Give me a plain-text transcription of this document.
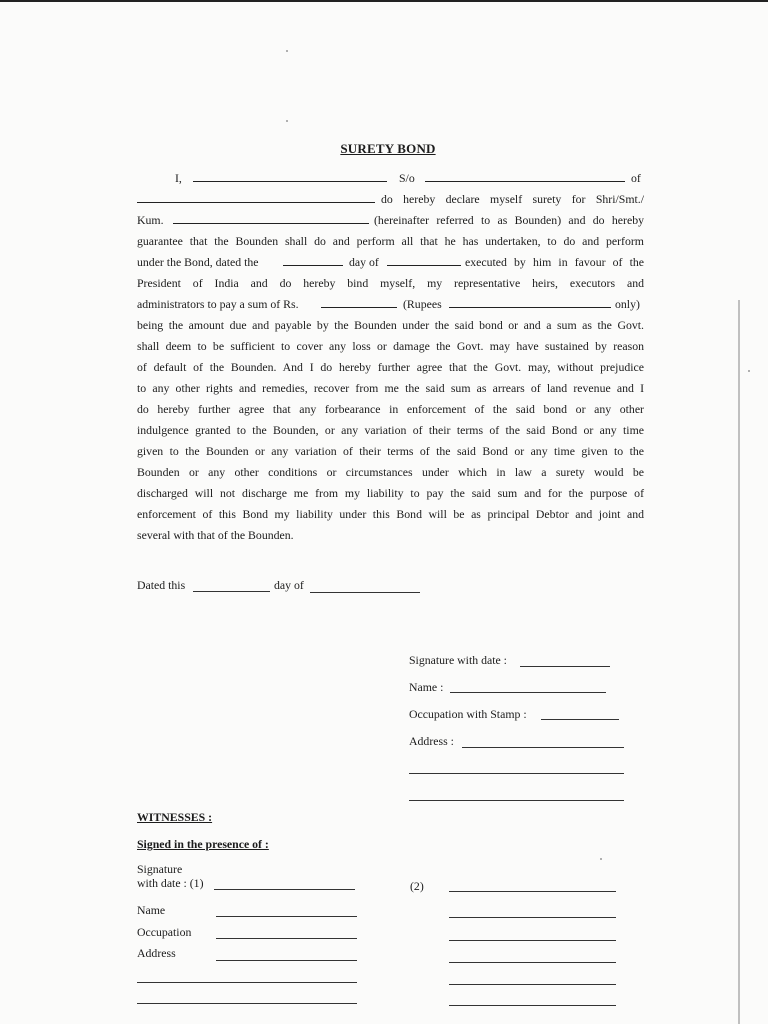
SURETY BOND
I,	S/o	of
do hereby declare myself surety for Shri/Smt./
Kum.	(hereinafter referred to as Bounden) and do hereby
guarantee that the Bounden shall do and perform all that he has undertaken, to do and perform
under the Bond, dated the	day of	executed by him in favour of the
President of India and do hereby bind myself, my representative heirs, executors and
administrators to pay a sum of Rs.	(Rupees	only)
being the amount due and payable by the Bounden under the said bond or and a sum as the Govt.
shall deem to be sufficient to cover any loss or damage the Govt. may have sustained by reason
of default of the Bounden. And I do hereby further agree that the Govt. may, without prejudice
to any other rights and remedies, recover from me the said sum as arrears of land revenue and I
do hereby further agree that any forbearance in enforcement of the said bond or any other
indulgence granted to the Bounden, or any variation of their terms of the said Bond or any time
given to the Bounden or any variation of their terms of the said Bond or any time given to the
Bounden or any other conditions or circumstances under which in law a surety would be
discharged will not discharge me from my liability to pay the said sum and for the purpose of
enforcement of this Bond my liability under this Bond will be as principal Debtor and joint and
several with that of the Bounden.
Dated this	day of
Signature with date :
Name :
Occupation with Stamp :
Address :
WITNESSES :
Signed in the presence of :
Signature
with date : (1)	(2)
Name
Occupation
Address
